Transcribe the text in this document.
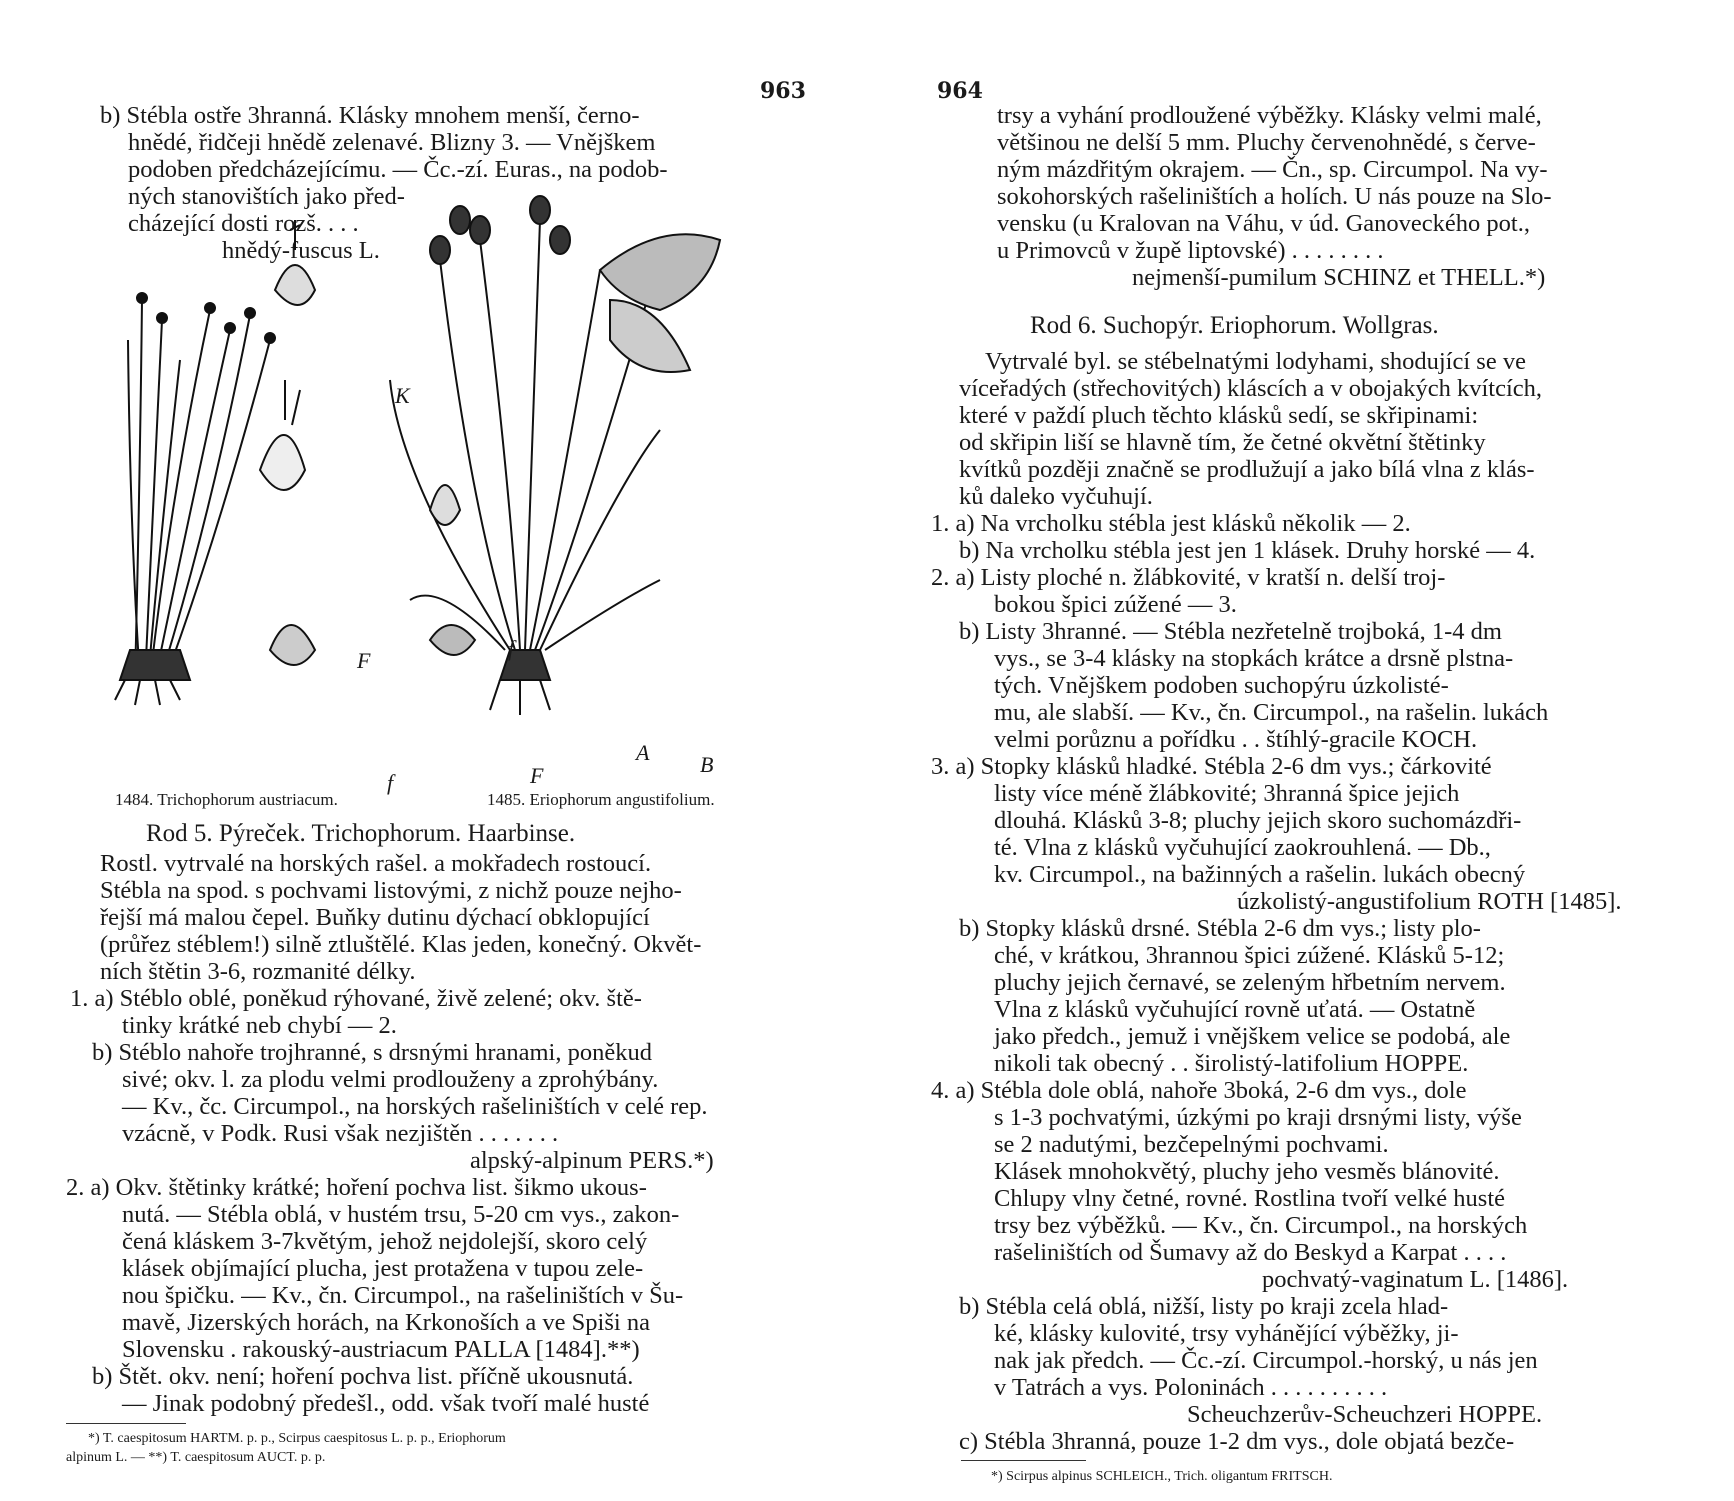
963
b) Stébla ostře 3hranná. Klásky mnohem menší, černo-
hnědé, řidčeji hnědě zelenavé. Blizny 3. — Vnějškem
podoben předcházejícímu. — Čc.-zí. Euras., na podob-
ných stanovištích jako před-
cházející dosti rozš. . . .
hnědý-fuscus L.
K
F
f
f
F
A B
1484. Trichophorum austriacum.	1485. Eriophorum angustifolium.
Rod 5. Pýreček. Trichophorum. Haarbinse.
Rostl. vytrvalé na horských rašel. a mokřadech rostoucí.
Stébla na spod. s pochvami listovými, z nichž pouze nejho-
řejší má malou čepel. Buňky dutinu dýchací obklopující
(průřez stéblem!) silně ztluštělé. Klas jeden, konečný. Okvět-
ních štětin 3-6, rozmanité délky.
1. a) Stéblo oblé, poněkud rýhované, živě zelené; okv. ště-
tinky krátké neb chybí — 2.
b) Stéblo nahoře trojhranné, s drsnými hranami, poněkud
sivé; okv. l. za plodu velmi prodlouženy a zprohýbány.
— Kv., čc. Circumpol., na horských rašeliništích v celé rep.
vzácně, v Podk. Rusi však nezjištěn . . . . . . .
alpský-alpinum PERS.*)
2. a) Okv. štětinky krátké; hoření pochva list. šikmo ukous-
nutá. — Stébla oblá, v hustém trsu, 5-20 cm vys., zakon-
čená kláskem 3-7květým, jehož nejdolejší, skoro celý
klásek objímající plucha, jest protažena v tupou zele-
nou špičku. — Kv., čn. Circumpol., na rašeliništích v Šu-
mavě, Jizerských horách, na Krkonoších a ve Spiši na
Slovensku . rakouský-austriacum PALLA [1484].**)
b) Štět. okv. není; hoření pochva list. příčně ukousnutá.
— Jinak podobný předešl., odd. však tvoří malé husté
*) T. caespitosum HARTM. p. p., Scirpus caespitosus L. p. p., Eriophorum
alpinum L. — **) T. caespitosum AUCT. p. p.
964
trsy a vyhání prodloužené výběžky. Klásky velmi malé,
většinou ne delší 5 mm. Pluchy červenohnědé, s červe-
ným mázdřitým okrajem. — Čn., sp. Circumpol. Na vy-
sokohorských rašeliništích a holích. U nás pouze na Slo-
vensku (u Kralovan na Váhu, v úd. Ganoveckého pot.,
u Primovců v župě liptovské) . . . . . . . .
nejmenší-pumilum SCHINZ et THELL.*)
Rod 6. Suchopýr. Eriophorum. Wollgras.
Vytrvalé byl. se stébelnatými lodyhami, shodující se ve
víceřadých (střechovitých) kláscích a v obojakých kvítcích,
které v paždí pluch těchto klásků sedí, se skřipinami:
od skřipin liší se hlavně tím, že četné okvětní štětinky
kvítků později značně se prodlužují a jako bílá vlna z klás-
ků daleko vyčuhují.
1. a) Na vrcholku stébla jest klásků několik — 2.
b) Na vrcholku stébla jest jen 1 klásek. Druhy horské — 4.
2. a) Listy ploché n. žlábkovité, v kratší n. delší troj-
bokou špici zúžené — 3.
b) Listy 3hranné. — Stébla nezřetelně trojboká, 1-4 dm
vys., se 3-4 klásky na stopkách krátce a drsně plstna-
tých. Vnějškem podoben suchopýru úzkolisté-
mu, ale slabší. — Kv., čn. Circumpol., na rašelin. lukách
velmi porůznu a pořídku . . štíhlý-gracile KOCH.
3. a) Stopky klásků hladké. Stébla 2-6 dm vys.; čárkovité
listy více méně žlábkovité; 3hranná špice jejich
dlouhá. Klásků 3-8; pluchy jejich skoro suchomázdři-
té. Vlna z klásků vyčuhující zaokrouhlená. — Db.,
kv. Circumpol., na bažinných a rašelin. lukách obecný
úzkolistý-angustifolium ROTH [1485].
b) Stopky klásků drsné. Stébla 2-6 dm vys.; listy plo-
ché, v krátkou, 3hrannou špici zúžené. Klásků 5-12;
pluchy jejich černavé, se zeleným hřbetním nervem.
Vlna z klásků vyčuhující rovně uťatá. — Ostatně
jako předch., jemuž i vnějškem velice se podobá, ale
nikoli tak obecný . . širolistý-latifolium HOPPE.
4. a) Stébla dole oblá, nahoře 3boká, 2-6 dm vys., dole
s 1-3 pochvatými, úzkými po kraji drsnými listy, výše
se 2 nadutými, bezčepelnými pochvami.
Klásek mnohokvětý, pluchy jeho vesměs blánovité.
Chlupy vlny četné, rovné. Rostlina tvoří velké husté
trsy bez výběžků. — Kv., čn. Circumpol., na horských
rašeliništích od Šumavy až do Beskyd a Karpat . . . .
pochvatý-vaginatum L. [1486].
b) Stébla celá oblá, nižší, listy po kraji zcela hlad-
ké, klásky kulovité, trsy vyhánějící výběžky, ji-
nak jak předch. — Čc.-zí. Circumpol.-horský, u nás jen
v Tatrách a vys. Poloninách . . . . . . . . . .
Scheuchzerův-Scheuchzeri HOPPE.
c) Stébla 3hranná, pouze 1-2 dm vys., dole objatá bezče-
*) Scirpus alpinus SCHLEICH., Trich. oligantum FRITSCH.
